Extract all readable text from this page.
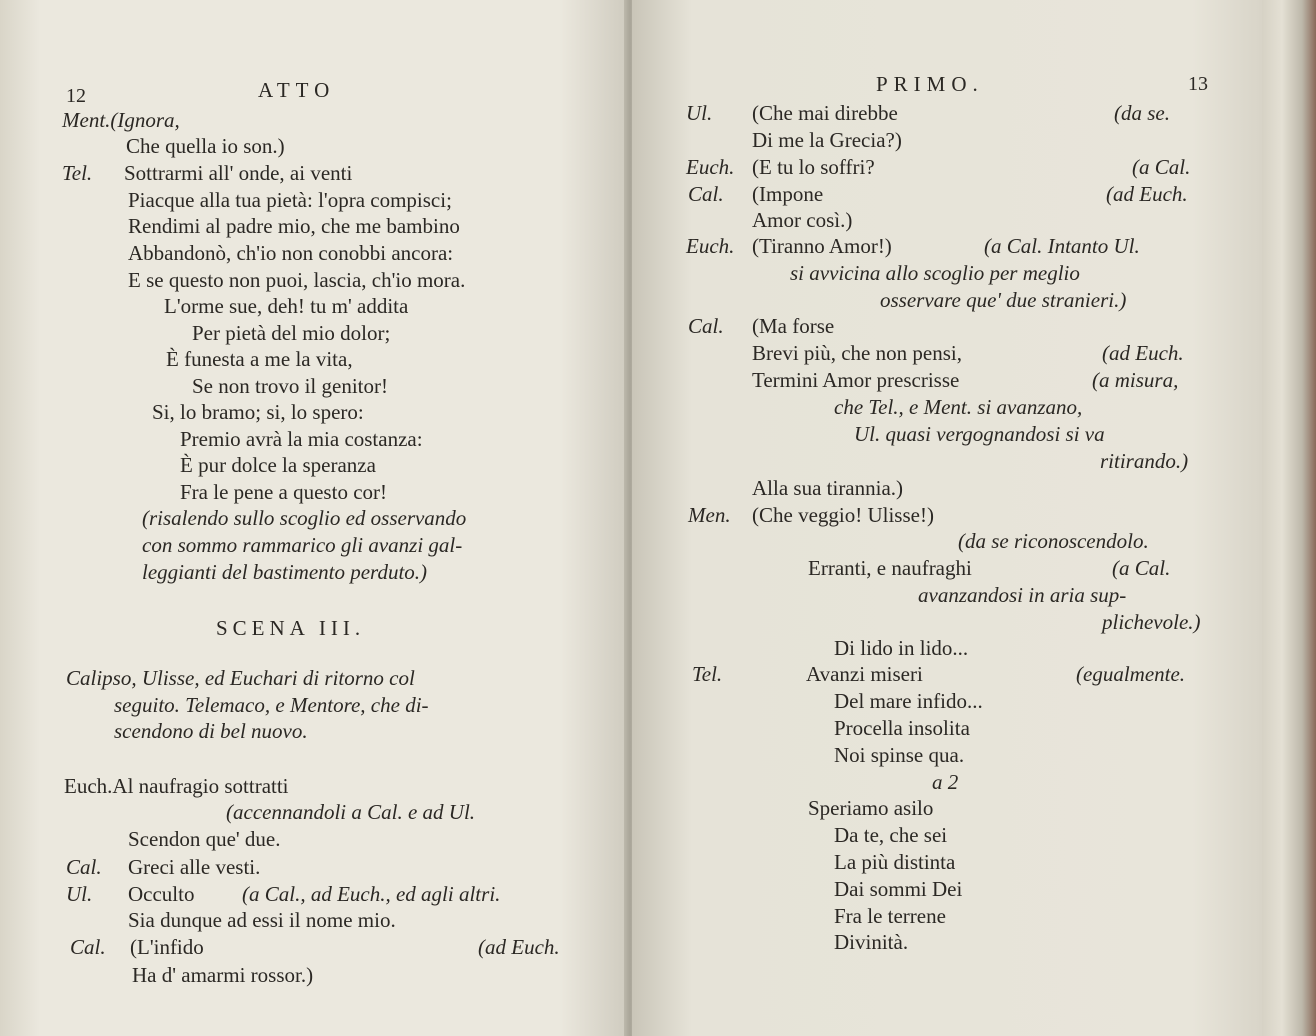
12	ATTO
Ment.(Ignora,
Che quella io son.)
Tel. Sottrarmi all' onde, ai venti
Piacque alla tua pietà: l'opra compisci;
Rendimi al padre mio, che me bambino
Abbandonò, ch'io non conobbi ancora:
E se questo non puoi, lascia, ch'io mora.
L'orme sue, deh! tu m' addita
Per pietà del mio dolor;
È funesta a me la vita,
Se non trovo il genitor!
Si, lo bramo; si, lo spero:
Premio avrà la mia costanza:
È pur dolce la speranza
Fra le pene a questo cor!
(risalendo sullo scoglio ed osservando
con sommo rammarico gli avanzi gal-
leggianti del bastimento perduto.)
SCENA III.
Calipso, Ulisse, ed Euchari di ritorno col
seguito. Telemaco, e Mentore, che di-
scendono di bel nuovo.
Euch.Al naufragio sottratti
(accennandoli a Cal. e ad Ul.
Scendon que' due.
Cal. Greci alle vesti.
Ul. Occulto (a Cal., ad Euch., ed agli altri.
Sia dunque ad essi il nome mio.
Cal. (L'infido	(ad Euch.
Ha d' amarmi rossor.)
PRIMO.	13
Ul. (Che mai direbbe	(da se.
Di me la Grecia?)
Euch. (E tu lo soffri?	(a Cal.
Cal. (Impone	(ad Euch.
Amor così.)
Euch. (Tiranno Amor!)	(a Cal. Intanto Ul.
si avvicina allo scoglio per meglio
osservare que' due stranieri.)
Cal. (Ma forse
Brevi più, che non pensi,	(ad Euch.
Termini Amor prescrisse	(a misura,
che Tel., e Ment. si avanzano,
Ul. quasi vergognandosi si va
ritirando.)
Alla sua tirannia.)
Men. (Che veggio! Ulisse!)
(da se riconoscendolo.
Erranti, e naufraghi	(a Cal.
avanzandosi in aria sup-
plichevole.)
Di lido in lido...
Tel.	Avanzi miseri	(egualmente.
Del mare infido...
Procella insolita
Noi spinse qua.
a 2
Speriamo asilo
Da te, che sei
La più distinta
Dai sommi Dei
Fra le terrene
Divinità.
